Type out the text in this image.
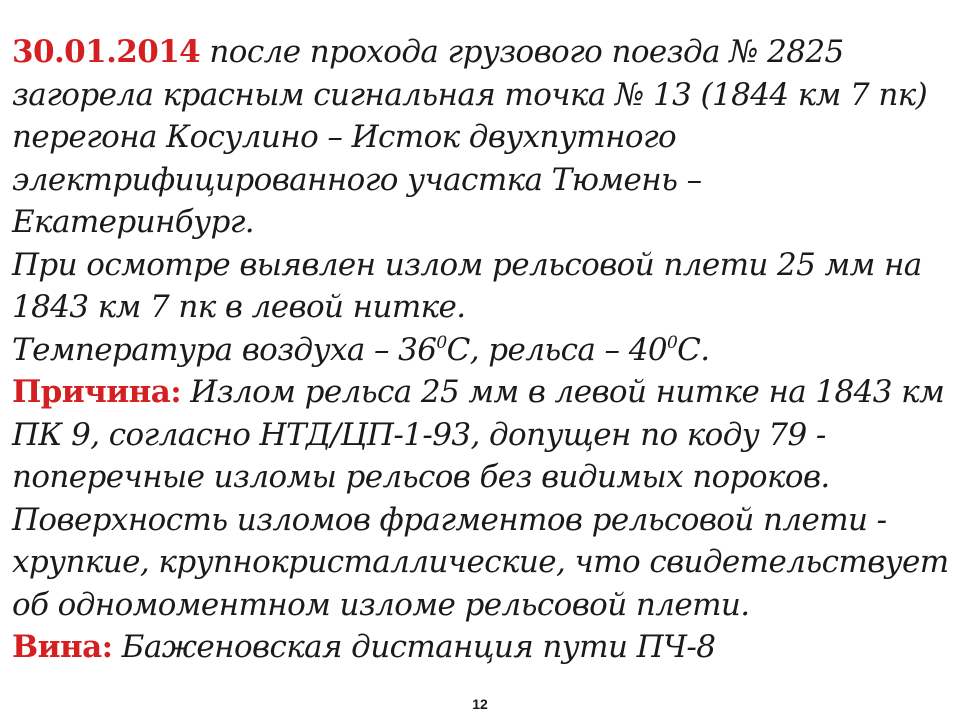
30.01.2014 после прохода грузового поезда № 2825

загорела красным сигнальная точка № 13 (1844 км 7 пк)

перегона Косулино – Исток двухпутного

электрифицированного участка Тюмень – Екатеринбург.

При осмотре выявлен излом рельсовой плети 25 мм на

1843 км 7 пк в левой нитке.

Температура воздуха – $36^0С$, рельса – $40^0С$.

Причина: Излом рельса 25 мм в левой нитке на 1843 км

ПК 9, согласно НТД/ЦП-1-93, допущен по коду 79 -

поперечные изломы рельсов без видимых пороков.

Поверхность изломов фрагментов рельсовой плети -

хрупкие, крупнокристаллические, что свидетельствует

об одномоментном изломе рельсовой плети.

Вина: Баженовская дистанция пути ПЧ-8

12
